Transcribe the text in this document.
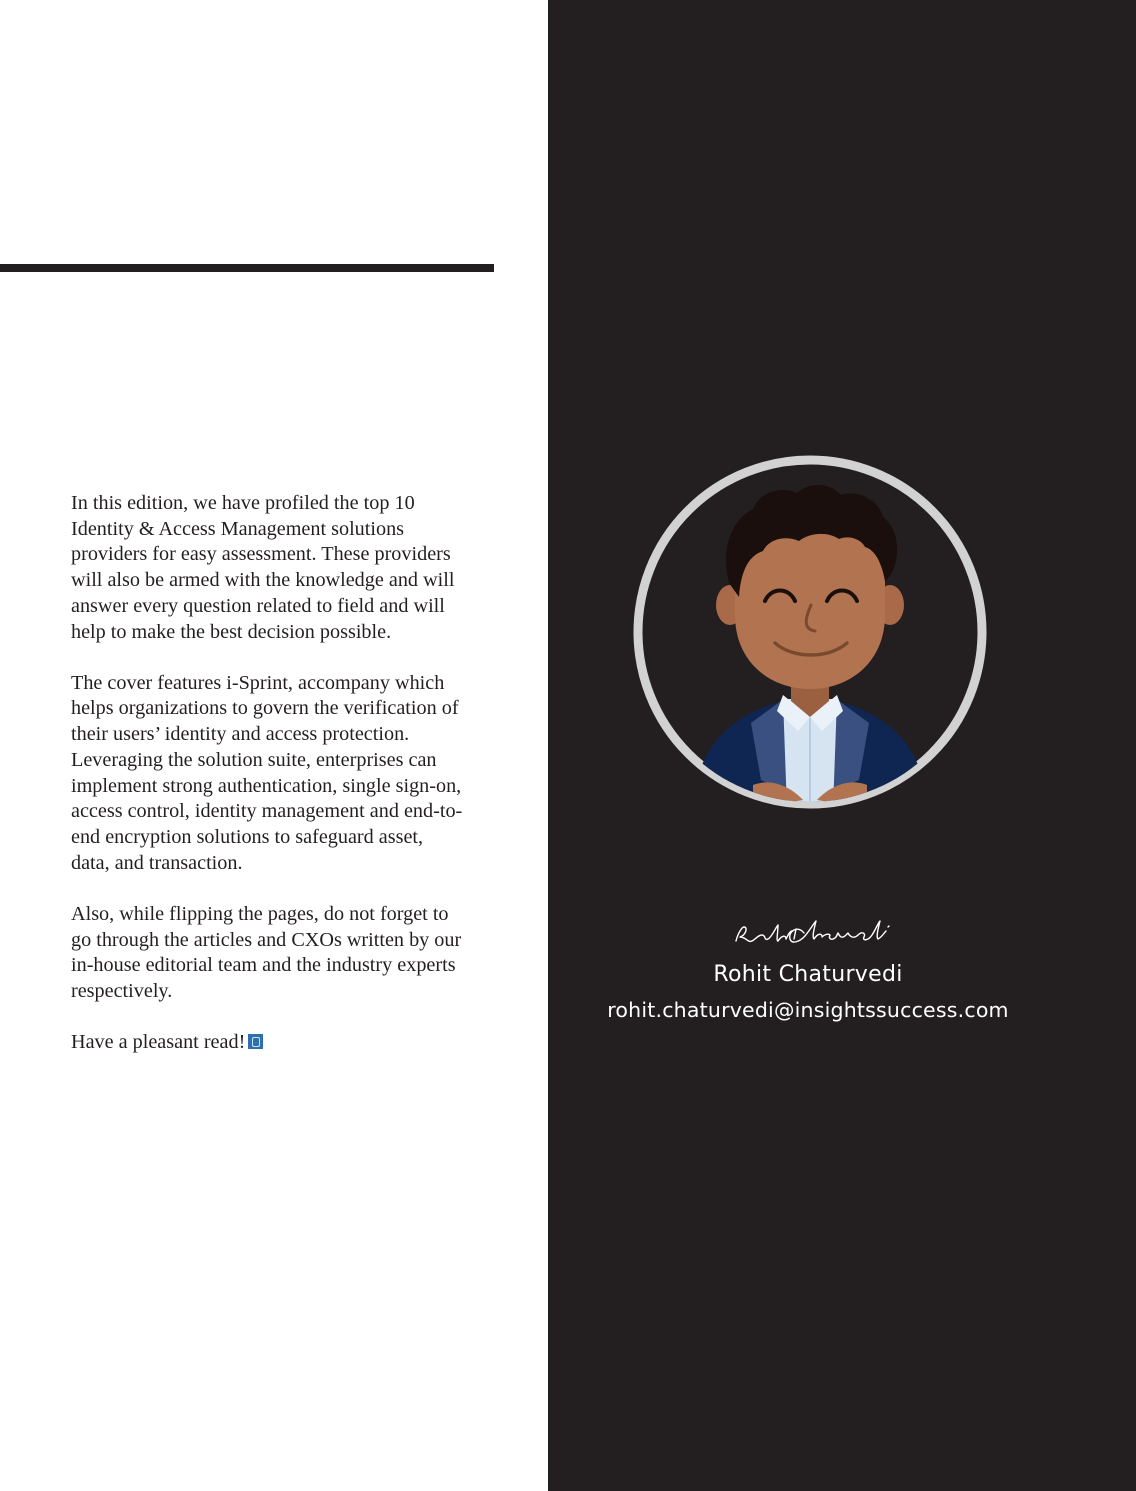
In this edition, we have profiled the top 10
Identity & Access Management solutions
providers for easy assessment. These providers
will also be armed with the knowledge and will
answer every question related to field and will
help to make the best decision possible.

The cover features i-Sprint, accompany which
helps organizations to govern the verification of
their users’ identity and access protection.
Leveraging the solution suite, enterprises can
implement strong authentication, single sign-on,
access control, identity management and end-to-
end encryption solutions to safeguard asset,
data, and transaction.

Also, while flipping the pages, do not forget to
go through the articles and CXOs written by our
in-house editorial team and the industry experts
respectively.

Have a pleasant read!

Rohit Chaturvedi
rohit.chaturvedi@insightssuccess.com
